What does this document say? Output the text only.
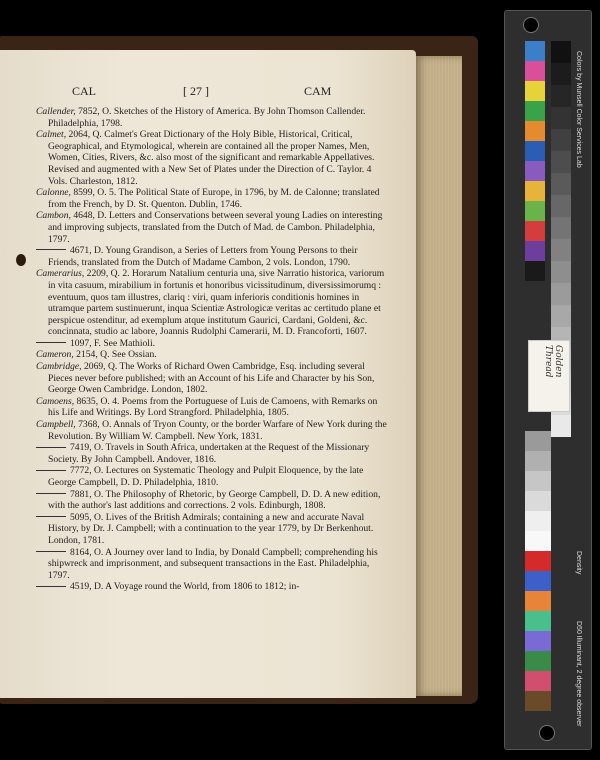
CAL	[ 27 ]	CAM
Callender, 7852, O. Sketches of the History of America. By John Thomson Callender. Philadelphia, 1798.
Calmet, 2064, Q. Calmet's Great Dictionary of the Holy Bible, Historical, Critical, Geographical, and Etymological, wherein are contained all the proper Names, Men, Women, Cities, Rivers, &c. also most of the significant and remarkable Appellatives. Revised and augmented with a New Set of Plates under the Direction of C. Taylor. 4 Vols. Charleston, 1812.
Calonne, 8599, O. 5. The Political State of Europe, in 1796, by M. de Calonne; translated from the French, by D. St. Quenton. Dublin, 1746.
Cambon, 4648, D. Letters and Conservations between several young Ladies on interesting and improving subjects, translated from the Dutch of Mad. de Cambon. Philadelphia, 1797.
4671, D. Young Grandison, a Series of Letters from Young Persons to their Friends, translated from the Dutch of Madame Cambon, 2 vols. London, 1790.
Camerarius, 2209, Q. 2. Horarum Natalium centuria una, sive Narratio historica, variorum in vita casuum, mirabilium in fortunis et honoribus vicissitudinum, diversissimorumq : eventuum, quos tam illustres, clariq : viri, quam inferioris conditionis homines in utramque partem sustinuerunt, inqua Scientiæ Astrologicæ veritas ac certitudo plane et perspicue ostenditur, ad exemplum atque institutum Gaurici, Cardani, Goldeni, &c. concinnata, studio ac labore, Joannis Rudolphi Camerarii, M. D. Francoforti, 1607.
1097, F. See Mathioli.
Cameron, 2154, Q. See Ossian.
Cambridge, 2069, Q. The Works of Richard Owen Cambridge, Esq. including several Pieces never before published; with an Account of his Life and Character by his Son, George Owen Cambridge. London, 1802.
Camoens, 8635, O. 4. Poems from the Portuguese of Luis de Camoens, with Remarks on his Life and Writings. By Lord Strangford. Philadelphia, 1805.
Campbell, 7368, O. Annals of Tryon County, or the border Warfare of New York during the Revolution. By William W. Campbell. New York, 1831.
7419, O. Travels in South Africa, undertaken at the Request of the Missionary Society. By John Campbell. Andover, 1816.
7772, O. Lectures on Systematic Theology and Pulpit Eloquence, by the late George Campbell, D. D. Philadelphia, 1810.
7881, O. The Philosophy of Rhetoric, by George Campbell, D. D. A new edition, with the author's last additions and corrections. 2 vols. Edinburgh, 1808.
5095, O. Lives of the British Admirals; containing a new and accurate Naval History, by Dr. J. Campbell; with a continuation to the year 1779, by Dr Berkenhout. London, 1781.
8164, O. A Journey over land to India, by Donald Campbell; comprehending his shipwreck and imprisonment, and subsequent transactions in the East. Philadelphia, 1797.
4519, D. A Voyage round the World, from 1806 to 1812; in-
Colors by Munsell Color Services Lab
Density
D50 Illuminant, 2 degree observer
Golden Thread
